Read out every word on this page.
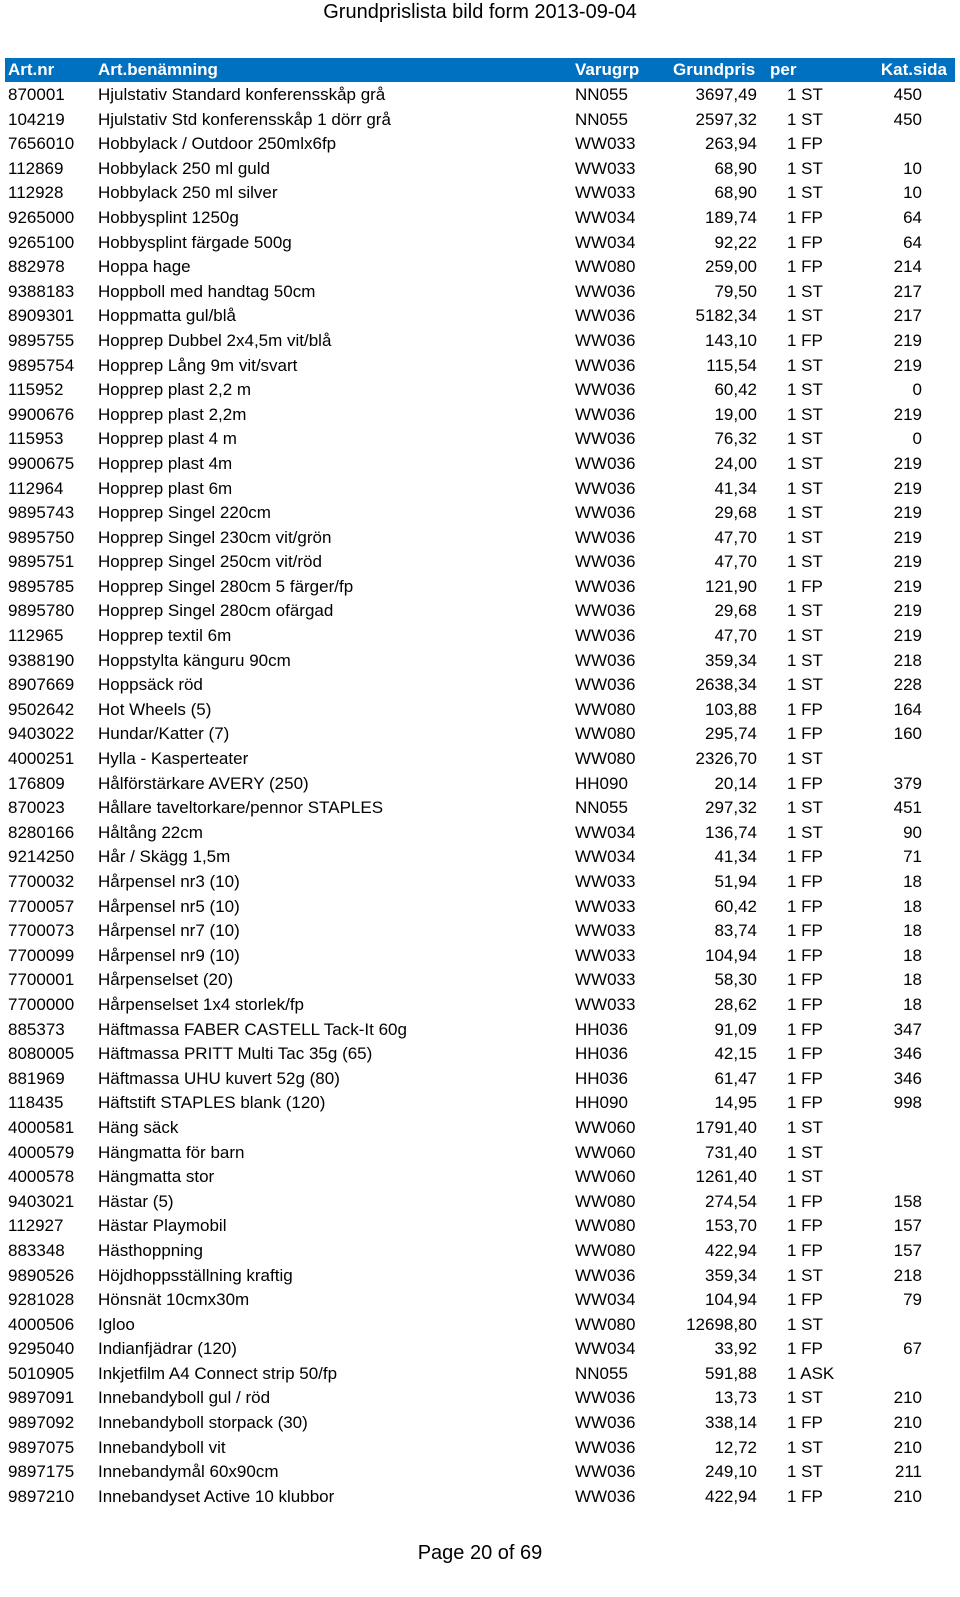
Grundprislista bild form 2013-09-04
Art.nr	Art.benämning	Varugrp Grundpris per	Kat.sida
870001 Hjulstativ Standard konferensskåp grå	NN055	3697,49 1 ST	450
104219 Hjulstativ Std konferensskåp 1 dörr grå	NN055	2597,32 1 ST	450
7656010 Hobbylack / Outdoor 250mlx6fp	WW033	263,94 1 FP
112869 Hobbylack 250 ml guld	WW033	68,90 1 ST	10
112928 Hobbylack 250 ml silver	WW033	68,90 1 ST	10
9265000 Hobbysplint 1250g	WW034	189,74 1 FP	64
9265100 Hobbysplint färgade 500g	WW034	92,22 1 FP	64
882978 Hoppa hage	WW080	259,00 1 FP	214
9388183 Hoppboll med handtag 50cm	WW036	79,50 1 ST	217
8909301 Hoppmatta gul/blå	WW036	5182,34 1 ST	217
9895755 Hopprep Dubbel 2x4,5m vit/blå	WW036	143,10 1 FP	219
9895754 Hopprep Lång 9m vit/svart	WW036	115,54 1 ST	219
115952 Hopprep plast 2,2 m	WW036	60,42 1 ST	0
9900676 Hopprep plast 2,2m	WW036	19,00 1 ST	219
115953 Hopprep plast 4 m	WW036	76,32 1 ST	0
9900675 Hopprep plast 4m	WW036	24,00 1 ST	219
112964 Hopprep plast 6m	WW036	41,34 1 ST	219
9895743 Hopprep Singel 220cm	WW036	29,68 1 ST	219
9895750 Hopprep Singel 230cm vit/grön	WW036	47,70 1 ST	219
9895751 Hopprep Singel 250cm vit/röd	WW036	47,70 1 ST	219
9895785 Hopprep Singel 280cm 5 färger/fp	WW036	121,90 1 FP	219
9895780 Hopprep Singel 280cm ofärgad	WW036	29,68 1 ST	219
112965 Hopprep textil 6m	WW036	47,70 1 ST	219
9388190 Hoppstylta känguru 90cm	WW036	359,34 1 ST	218
8907669 Hoppsäck röd	WW036	2638,34 1 ST	228
9502642 Hot Wheels (5)	WW080	103,88 1 FP	164
9403022 Hundar/Katter (7)	WW080	295,74 1 FP	160
4000251 Hylla - Kasperteater	WW080	2326,70 1 ST
176809 Hålförstärkare AVERY (250)	HH090	20,14 1 FP	379
870023 Hållare taveltorkare/pennor STAPLES	NN055	297,32 1 ST	451
8280166 Håltång 22cm	WW034	136,74 1 ST	90
9214250 Hår / Skägg 1,5m	WW034	41,34 1 FP	71
7700032 Hårpensel nr3 (10)	WW033	51,94 1 FP	18
7700057 Hårpensel nr5 (10)	WW033	60,42 1 FP	18
7700073 Hårpensel nr7 (10)	WW033	83,74 1 FP	18
7700099 Hårpensel nr9 (10)	WW033	104,94 1 FP	18
7700001 Hårpenselset (20)	WW033	58,30 1 FP	18
7700000 Hårpenselset 1x4 storlek/fp	WW033	28,62 1 FP	18
885373 Häftmassa FABER CASTELL Tack-It 60g	HH036	91,09 1 FP	347
8080005 Häftmassa PRITT Multi Tac 35g (65)	HH036	42,15 1 FP	346
881969 Häftmassa UHU kuvert 52g (80)	HH036	61,47 1 FP	346
118435 Häftstift STAPLES blank (120)	HH090	14,95 1 FP	998
4000581 Häng säck	WW060	1791,40 1 ST
4000579 Hängmatta för barn	WW060	731,40 1 ST
4000578 Hängmatta stor	WW060	1261,40 1 ST
9403021 Hästar (5)	WW080	274,54 1 FP	158
112927 Hästar Playmobil	WW080	153,70 1 FP	157
883348 Hästhoppning	WW080	422,94 1 FP	157
9890526 Höjdhoppsställning kraftig	WW036	359,34 1 ST	218
9281028 Hönsnät 10cmx30m	WW034	104,94 1 FP	79
4000506 Igloo	WW080	12698,80 1 ST
9295040 Indianfjädrar (120)	WW034	33,92 1 FP	67
5010905 Inkjetfilm A4 Connect strip 50/fp	NN055	591,88 1 ASK
9897091 Innebandyboll gul / röd	WW036	13,73 1 ST	210
9897092 Innebandyboll storpack (30)	WW036	338,14 1 FP	210
9897075 Innebandyboll vit	WW036	12,72 1 ST	210
9897175 Innebandymål 60x90cm	WW036	249,10 1 ST	211
9897210 Innebandyset Active 10 klubbor	WW036	422,94 1 FP	210
Page 20 of 69
